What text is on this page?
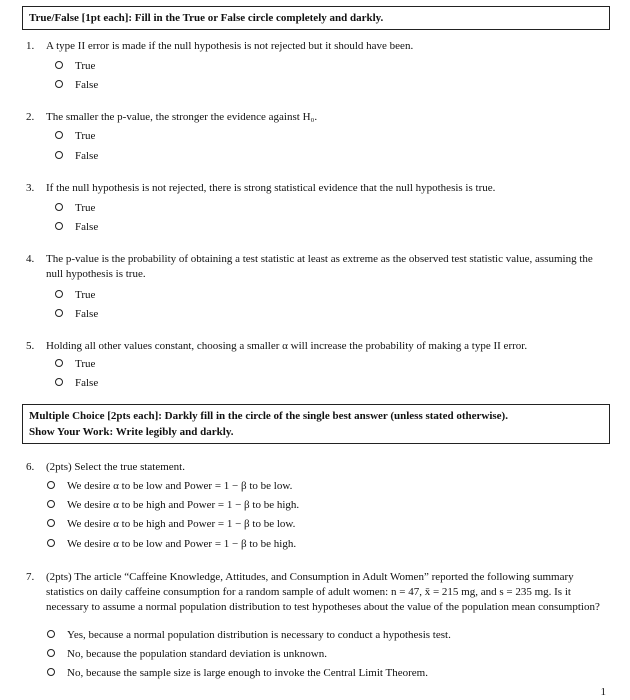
True/False [1pt each]: Fill in the True or False circle completely and darkly.
1. A type II error is made if the null hypothesis is not rejected but it should have been.
True
False
2. The smaller the p-value, the stronger the evidence against H₀.
True
False
3. If the null hypothesis is not rejected, there is strong statistical evidence that the null hypothesis is true.
True
False
4. The p-value is the probability of obtaining a test statistic at least as extreme as the observed test statistic value, assuming the null hypothesis is true.
True
False
5. Holding all other values constant, choosing a smaller α will increase the probability of making a type II error.
True
False
Multiple Choice [2pts each]: Darkly fill in the circle of the single best answer (unless stated otherwise).
Show Your Work: Write legibly and darkly.
6. (2pts) Select the true statement.
We desire α to be low and Power = 1 − β to be low.
We desire α to be high and Power = 1 − β to be high.
We desire α to be high and Power = 1 − β to be low.
We desire α to be low and Power = 1 − β to be high.
7. (2pts) The article “Caffeine Knowledge, Attitudes, and Consumption in Adult Women” reported the following summary statistics on daily caffeine consumption for a random sample of adult women: n = 47, x̄ = 215 mg, and s = 235 mg. Is it necessary to assume a normal population distribution to test hypotheses about the value of the population mean consumption?
Yes, because a normal population distribution is necessary to conduct a hypothesis test.
No, because the population standard deviation is unknown.
No, because the sample size is large enough to invoke the Central Limit Theorem.
1
